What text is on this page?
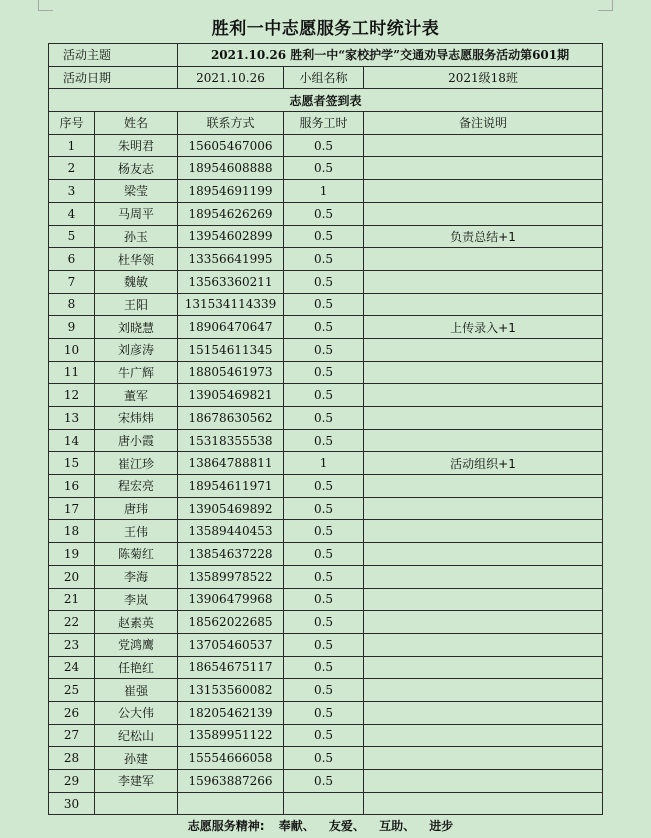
胜利一中志愿服务工时统计表
活动主题		2021.10.26 胜利一中“家校护学”交通劝导志愿服务活动第601期		
活动日期		2021.10.26	小组名称	2021级18班
志愿者签到表				
序号	姓名	联系方式	服务工时	备注说明
1	朱明君	15605467006	0.5	
2	杨友志	18954608888	0.5	
3	梁莹	18954691199	1	
4	马周平	18954626269	0.5	
5	孙玉	13954602899	0.5	负责总结+1
6	杜华领	13356641995	0.5	
7	魏敏	13563360211	0.5	
8	王阳	131534114339	0.5	
9	刘晓慧	18906470647	0.5	上传录入+1
10	刘彦涛	15154611345	0.5	
11	牛广辉	18805461973	0.5	
12	董军	13905469821	0.5	
13	宋炜炜	18678630562	0.5	
14	唐小霞	15318355538	0.5	
15	崔江珍	13864788811	1	活动组织+1
16	程宏亮	18954611971	0.5	
17	唐玮	13905469892	0.5	
18	王伟	13589440453	0.5	
19	陈菊红	13854637228	0.5	
20	李海	13589978522	0.5	
21	李岚	13906479968	0.5	
22	赵素英	18562022685	0.5	
23	党鸿鹰	13705460537	0.5	
24	任艳红	18654675117	0.5	
25	崔强	13153560082	0.5	
26	公大伟	18205462139	0.5	
27	纪松山	13589951122	0.5	
28	孙建	15554666058	0.5	
29	李建军	15963887266	0.5	
30				
志愿服务精神: 奉献、 友爱、 互助、 进步
